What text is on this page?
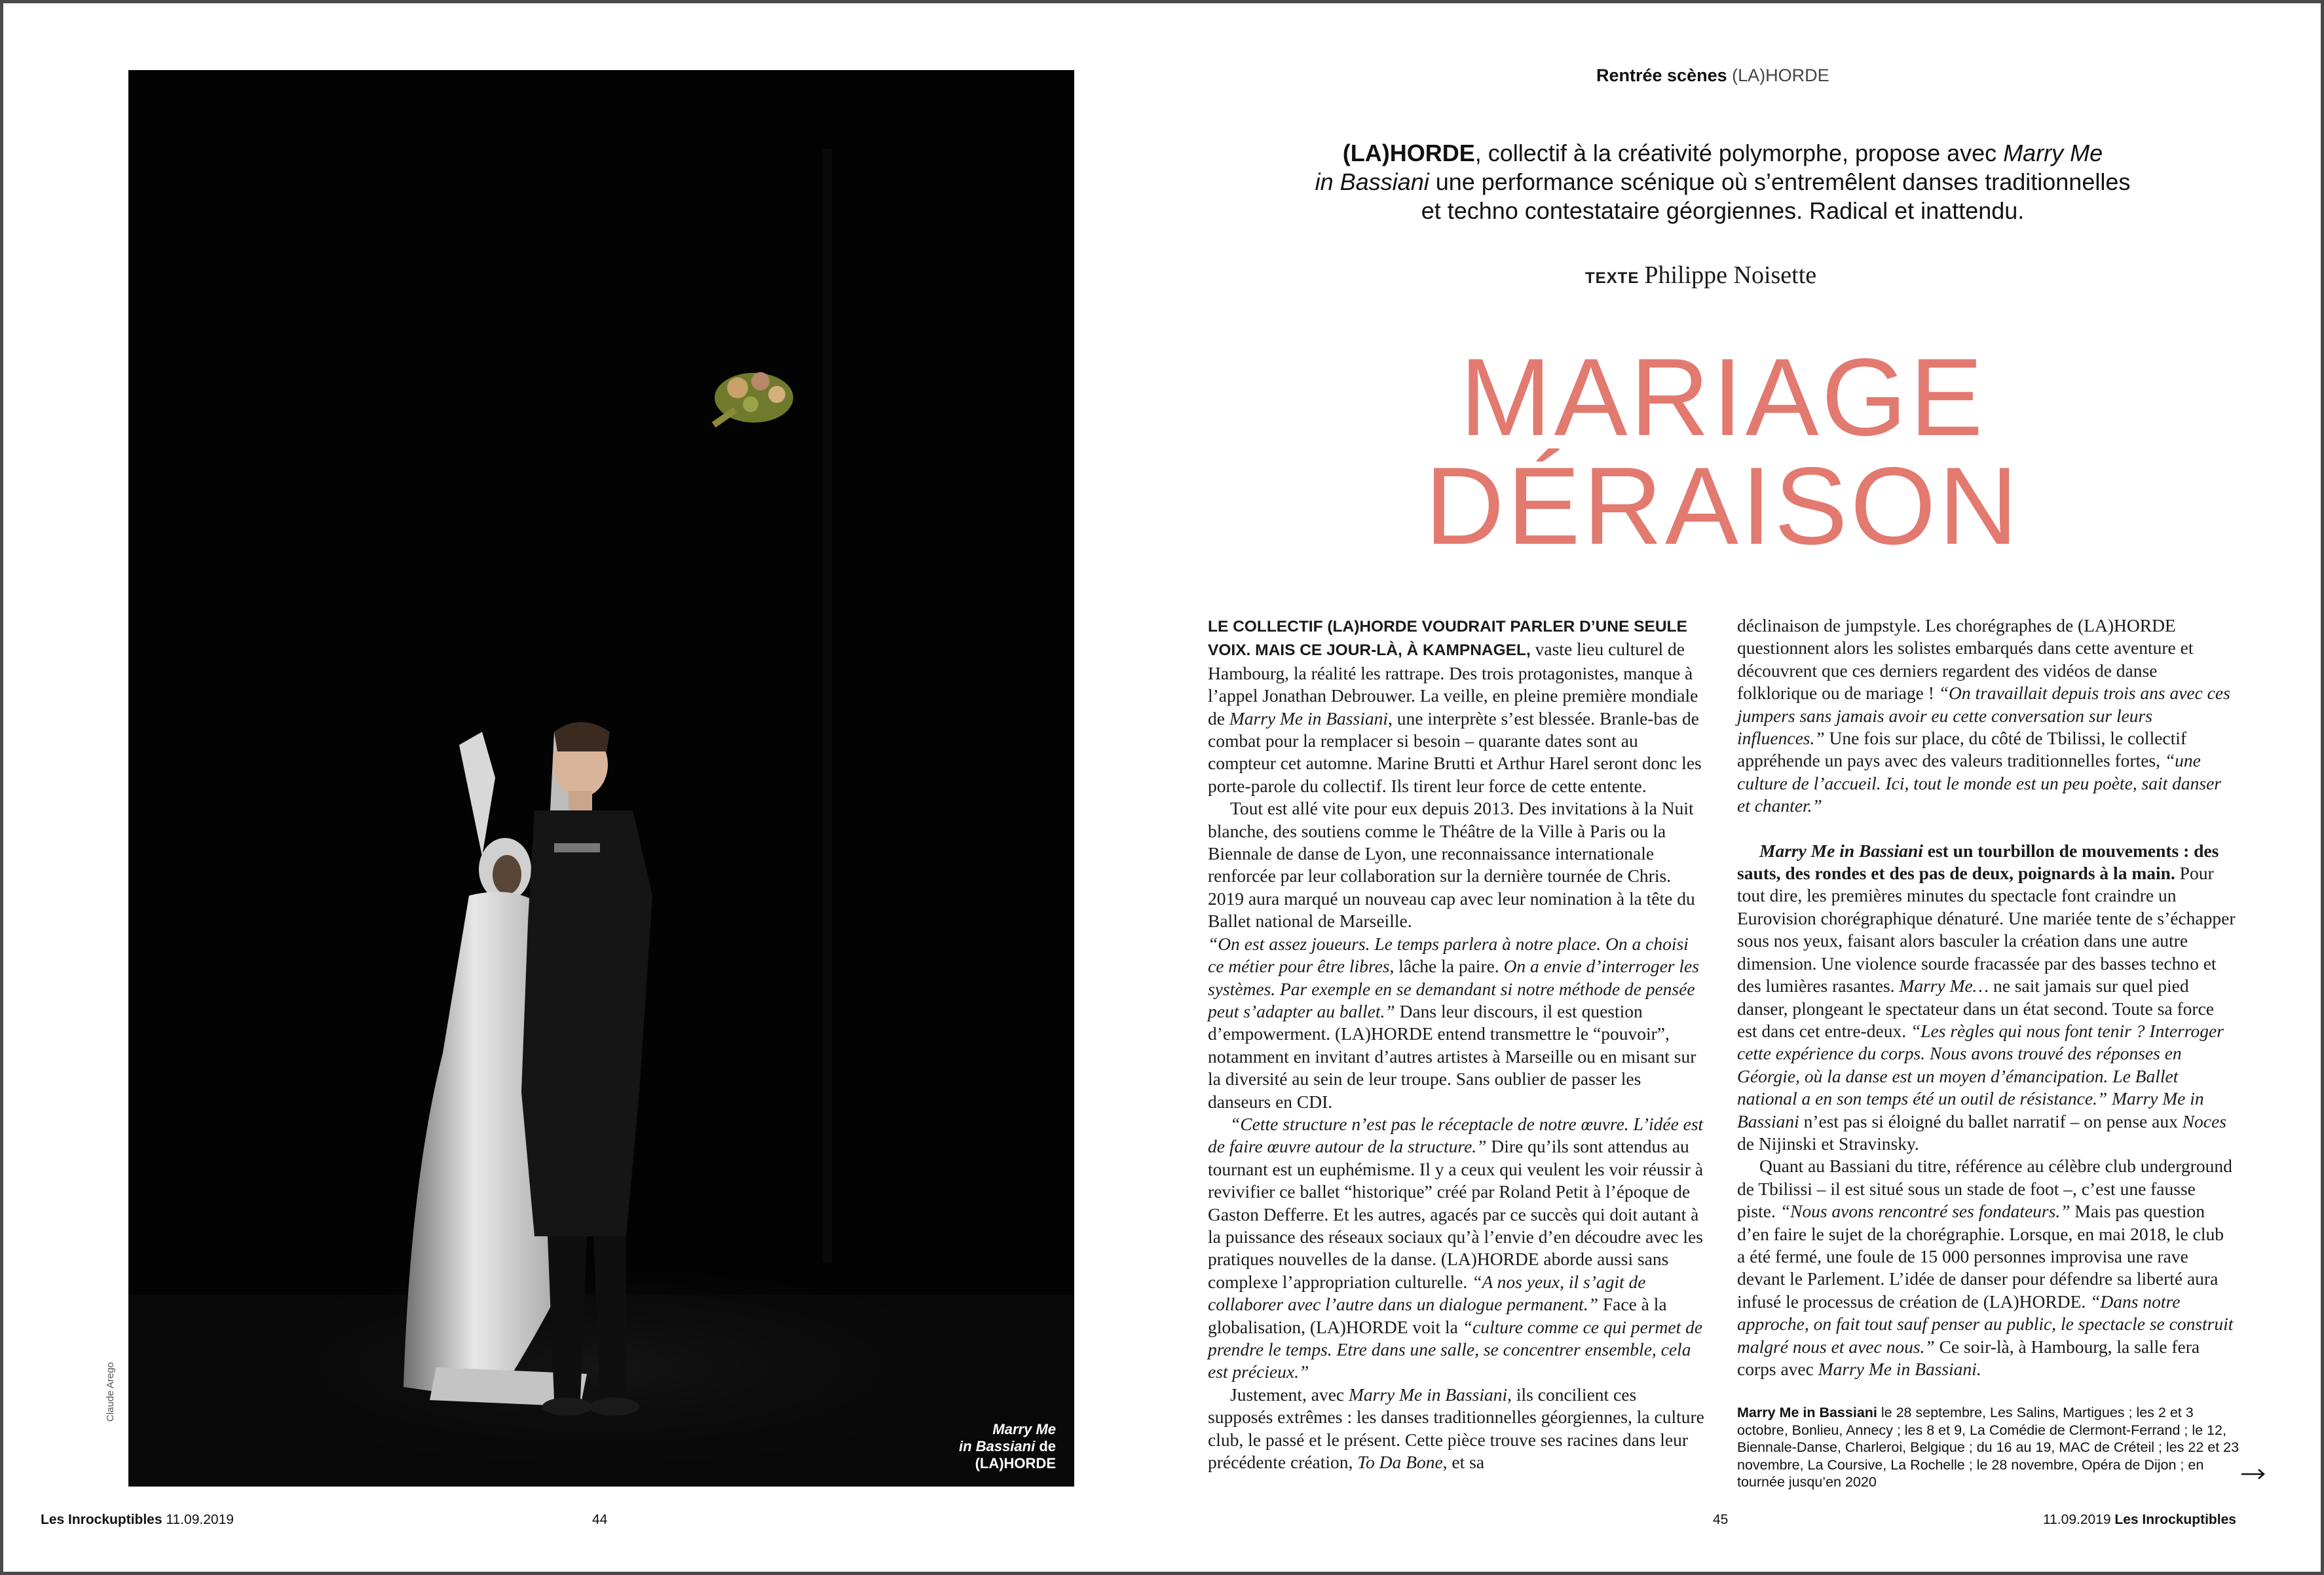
Marry Me
in Bassiani de
(LA)HORDE
Claude Arego
Les Inrockuptibles 11.09.2019	44	45	11.09.2019 Les Inrockuptibles
Rentrée scènes (LA)HORDE
(LA)HORDE, collectif à la créativité polymorphe, propose avec Marry Me
in Bassiani une performance scénique où s’entremêlent danses traditionnelles
et techno contestataire géorgiennes. Radical et inattendu.
TEXTE Philippe Noisette
MARIAGE
DÉRAISON

LE COLLECTIF (LA)HORDE VOUDRAIT PARLER D’UNE SEULE VOIX. MAIS CE JOUR-LÀ, À KAMPNAGEL, vaste lieu culturel de Hambourg, la réalité les rattrape. Des trois protagonistes, manque à l’appel Jonathan Debrouwer. La veille, en pleine première mondiale de Marry Me in Bassiani, une interprète s’est blessée. Branle-bas de combat pour la remplacer si besoin – quarante dates sont au compteur cet automne. Marine Brutti et Arthur Harel seront donc les porte-parole du collectif. Ils tirent leur force de cette entente.

Tout est allé vite pour eux depuis 2013. Des invitations à la Nuit blanche, des soutiens comme le Théâtre de la Ville à Paris ou la Biennale de danse de Lyon, une reconnaissance internationale renforcée par leur collaboration sur la dernière tournée de Chris. 2019 aura marqué un nouveau cap avec leur nomination à la tête du Ballet national de Marseille.

“On est assez joueurs. Le temps parlera à notre place. On a choisi ce métier pour être libres, lâche la paire. On a envie d’interroger les systèmes. Par exemple en se demandant si notre méthode de pensée peut s’adapter au ballet.” Dans leur discours, il est question d’empowerment. (LA)HORDE entend transmettre le “pouvoir”, notamment en invitant d’autres artistes à Marseille ou en misant sur la diversité au sein de leur troupe. Sans oublier de passer les danseurs en CDI.

“Cette structure n’est pas le réceptacle de notre œuvre. L’idée est de faire œuvre autour de la structure.” Dire qu’ils sont attendus au tournant est un euphémisme. Il y a ceux qui veulent les voir réussir à revivifier ce ballet “historique” créé par Roland Petit à l’époque de Gaston Defferre. Et les autres, agacés par ce succès qui doit autant à la puissance des réseaux sociaux qu’à l’envie d’en découdre avec les pratiques nouvelles de la danse. (LA)HORDE aborde aussi sans complexe l’appropriation culturelle. “A nos yeux, il s’agit de collaborer avec l’autre dans un dialogue permanent.” Face à la globalisation, (LA)HORDE voit la “culture comme ce qui permet de prendre le temps. Etre dans une salle, se concentrer ensemble, cela est précieux.”

Justement, avec Marry Me in Bassiani, ils concilient ces supposés extrêmes : les danses traditionnelles géorgiennes, la culture club, le passé et le présent. Cette pièce trouve ses racines dans leur précédente création, To Da Bone, et sa

déclinaison de jumpstyle. Les chorégraphes de (LA)HORDE questionnent alors les solistes embarqués dans cette aventure et découvrent que ces derniers regardent des vidéos de danse folklorique ou de mariage ! “On travaillait depuis trois ans avec ces jumpers sans jamais avoir eu cette conversation sur leurs influences.” Une fois sur place, du côté de Tbilissi, le collectif appréhende un pays avec des valeurs traditionnelles fortes, “une culture de l’accueil. Ici, tout le monde est un peu poète, sait danser et chanter.”

Marry Me in Bassiani est un tourbillon de mouvements : des sauts, des rondes et des pas de deux, poignards à la main. Pour tout dire, les premières minutes du spectacle font craindre un Eurovision chorégraphique dénaturé. Une mariée tente de s’échapper sous nos yeux, faisant alors basculer la création dans une autre dimension. Une violence sourde fracassée par des basses techno et des lumières rasantes. Marry Me… ne sait jamais sur quel pied danser, plongeant le spectateur dans un état second. Toute sa force est dans cet entre-deux. “Les règles qui nous font tenir ? Interroger cette expérience du corps. Nous avons trouvé des réponses en Géorgie, où la danse est un moyen d’émancipation. Le Ballet national a en son temps été un outil de résistance.” Marry Me in Bassiani n’est pas si éloigné du ballet narratif – on pense aux Noces de Nijinski et Stravinsky.

Quant au Bassiani du titre, référence au célèbre club underground de Tbilissi – il est situé sous un stade de foot –, c’est une fausse piste. “Nous avons rencontré ses fondateurs.” Mais pas question d’en faire le sujet de la chorégraphie. Lorsque, en mai 2018, le club a été fermé, une foule de 15 000 personnes improvisa une rave devant le Parlement. L’idée de danser pour défendre sa liberté aura infusé le processus de création de (LA)HORDE. “Dans notre approche, on fait tout sauf penser au public, le spectacle se construit malgré nous et avec nous.” Ce soir-là, à Hambourg, la salle fera corps avec Marry Me in Bassiani.

Marry Me in Bassiani le 28 septembre, Les Salins, Martigues ; les 2 et 3 octobre, Bonlieu, Annecy ; les 8 et 9, La Comédie de Clermont-Ferrand ; le 12, Biennale-Danse, Charleroi, Belgique ; du 16 au 19, MAC de Créteil ; les 22 et 23 novembre, La Coursive, La Rochelle ; le 28 novembre, Opéra de Dijon ; en tournée jusqu’en 2020
